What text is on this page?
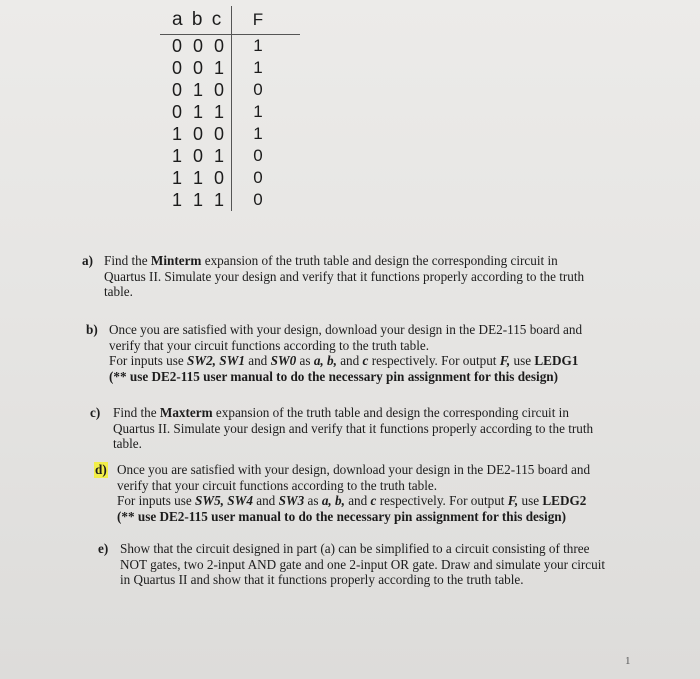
a b c	F
0 0 0	1
0 0 1	1
0 1 0	0
0 1 1	1
1 0 0	1
1 0 1	0
1 1 0	0
1 1 1	0
a) Find the Minterm expansion of the truth table and design the corresponding circuit in
Quartus II. Simulate your design and verify that it functions properly according to the truth
table.
b) Once you are satisfied with your design, download your design in the DE2-115 board and
verify that your circuit functions according to the truth table.
For inputs use SW2, SW1 and SW0 as a, b, and c respectively. For output F, use LEDG1
(** use DE2-115 user manual to do the necessary pin assignment for this design)
c) Find the Maxterm expansion of the truth table and design the corresponding circuit in
Quartus II. Simulate your design and verify that it functions properly according to the truth
table.
d) Once you are satisfied with your design, download your design in the DE2-115 board and
verify that your circuit functions according to the truth table.
For inputs use SW5, SW4 and SW3 as a, b, and c respectively. For output F, use LEDG2
(** use DE2-115 user manual to do the necessary pin assignment for this design)
e) Show that the circuit designed in part (a) can be simplified to a circuit consisting of three
NOT gates, two 2-input AND gate and one 2-input OR gate. Draw and simulate your circuit
in Quartus II and show that it functions properly according to the truth table.
1
